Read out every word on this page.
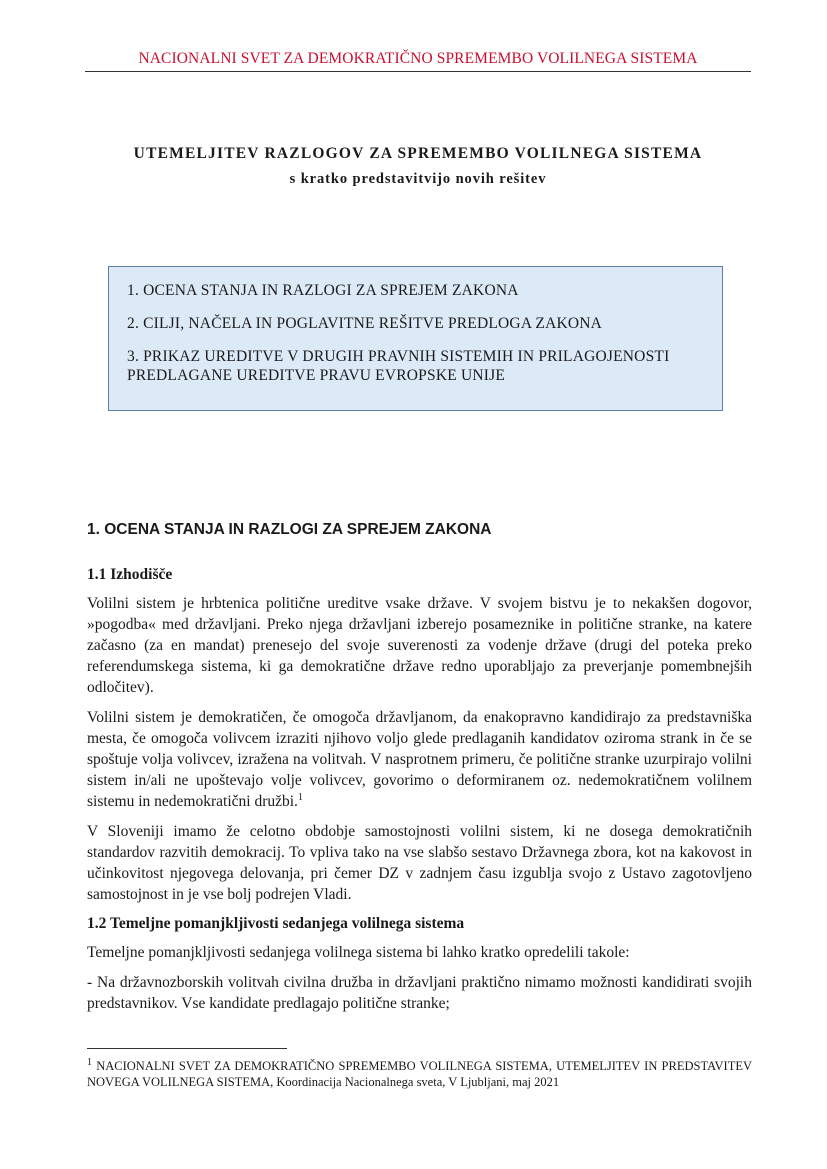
NACIONALNI SVET ZA DEMOKRATIČNO SPREMEMBO VOLILNEGA SISTEMA
UTEMELJITEV RAZLOGOV ZA SPREMEMBO VOLILNEGA SISTEMA
s kratko predstavitvijo novih rešitev
1. OCENA STANJA IN RAZLOGI ZA SPREJEM ZAKONA
2. CILJI, NAČELA IN POGLAVITNE REŠITVE PREDLOGA ZAKONA
3. PRIKAZ UREDITVE V DRUGIH PRAVNIH SISTEMIH IN PRILAGOJENOSTI PREDLAGANE UREDITVE PRAVU EVROPSKE UNIJE
1. OCENA STANJA IN RAZLOGI ZA SPREJEM ZAKONA
1.1 Izhodišče

Volilni sistem je hrbtenica politične ureditve vsake države. V svojem bistvu je to nekakšen dogovor, »pogodba« med državljani. Preko njega državljani izberejo posameznike in politične stranke, na katere začasno (za en mandat) prenesejo del svoje suverenosti za vodenje države (drugi del poteka preko referendumskega sistema, ki ga demokratične države redno uporabljajo za preverjanje pomembnejših odločitev).

Volilni sistem je demokratičen, če omogoča državljanom, da enakopravno kandidirajo za predstavniška mesta, če omogoča volivcem izraziti njihovo voljo glede predlaganih kandidatov oziroma strank in če se spoštuje volja volivcev, izražena na volitvah. V nasprotnem primeru, če politične stranke uzurpirajo volilni sistem in/ali ne upoštevajo volje volivcev, govorimo o deformiranem oz. nedemokratičnem volilnem sistemu in nedemokratični družbi.$^1$

V Sloveniji imamo že celotno obdobje samostojnosti volilni sistem, ki ne dosega demokratičnih standardov razvitih demokracij. To vpliva tako na vse slabšo sestavo Državnega zbora, kot na kakovost in učinkovitost njegovega delovanja, pri čemer DZ v zadnjem času izgublja svojo z Ustavo zagotovljeno samostojnost in je vse bolj podrejen Vladi.

1.2 Temeljne pomanjkljivosti sedanjega volilnega sistema

Temeljne pomanjkljivosti sedanjega volilnega sistema bi lahko kratko opredelili takole:

- Na državnozborskih volitvah civilna družba in državljani praktično nimamo možnosti kandidirati svojih predstavnikov. Vse kandidate predlagajo politične stranke;

$^1$ NACIONALNI SVET ZA DEMOKRATIČNO SPREMEMBO VOLILNEGA SISTEMA, UTEMELJITEV IN PREDSTAVITEV NOVEGA VOLILNEGA SISTEMA, Koordinacija Nacionalnega sveta, V Ljubljani, maj 2021
